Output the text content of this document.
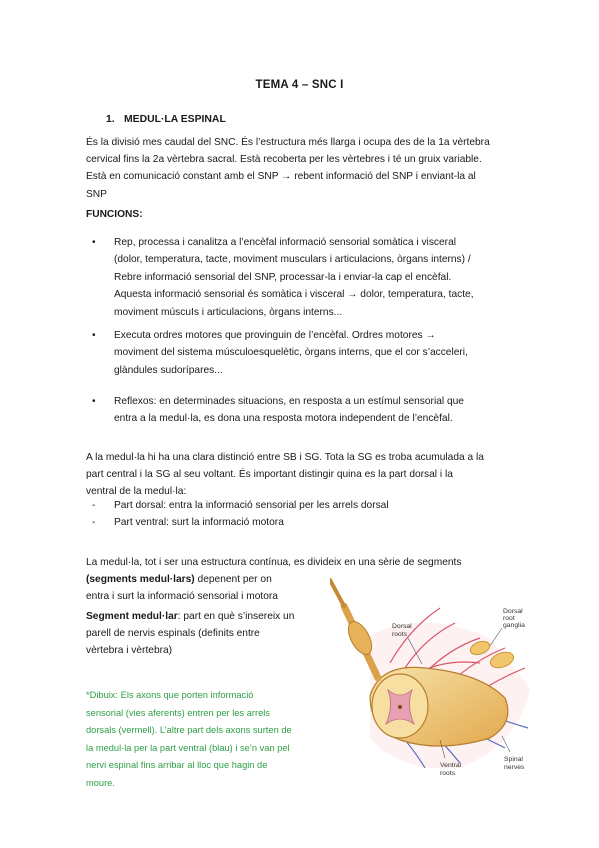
TEMA 4 – SNC I
1. MEDUL·LA ESPINAL
És la divisió mes caudal del SNC. És l’estructura més llarga i ocupa des de la 1a vèrtebra
cervical fins la 2a vèrtebra sacral. Està recoberta per les vèrtebres i té un gruix variable.
Està en comunicació constant amb el SNP → rebent informació del SNP i enviant-la al
SNP
FUNCIONS:
•	Rep, processa i canalitza a l’encèfal informació sensorial somàtica i visceral
(dolor, temperatura, tacte, moviment musculars i articulacions, òrgans interns) /
Rebre informació sensorial del SNP, processar-la i enviar-la cap el encèfal.
Aquesta informació sensorial és somàtica i visceral → dolor, temperatura, tacte,
moviment múscuIs i articulacions, òrgans interns...
•	Executa ordres motores que provinguin de l’encèfal. Ordres motores →
moviment del sistema músculoesquelètic, òrgans interns, que el cor s’acceleri,
glàndules sudorípares...
•	Reflexos: en determinades situacions, en resposta a un estímul sensorial que
entra a la medul·la, es dona una resposta motora independent de l’encèfal.
A la medul·la hi ha una clara distinció entre SB i SG. Tota la SG es troba acumulada a la
part central i la SG al seu voltant. És important distingir quina es la part dorsal i la
ventral de la medul·la:
- Part dorsal: entra la informació sensorial per les arrels dorsal
- Part ventral: surt la informació motora
La medul·la, tot i ser una estructura contínua, es divideix en una sèrie de segments
(segments medul·lars) depenent per on
entra i surt la informació sensorial i motora
Segment medul·lar: part en què s’insereix un
parell de nervis espinals (definits entre
vèrtebra i vèrtebra)
*Dibuix: Els axons que porten informació
sensorial (vies aferents) entren per les arrels
dorsals (vermell). L’altre part dels axons surten de
la medul·la per la part ventral (blau) i se’n van pel
nervi espinal fins arribar al lloc que hagin de
moure.
Dorsal
roots
Dorsal
root
ganglia
Ventral
roots
Spinal
nerves
